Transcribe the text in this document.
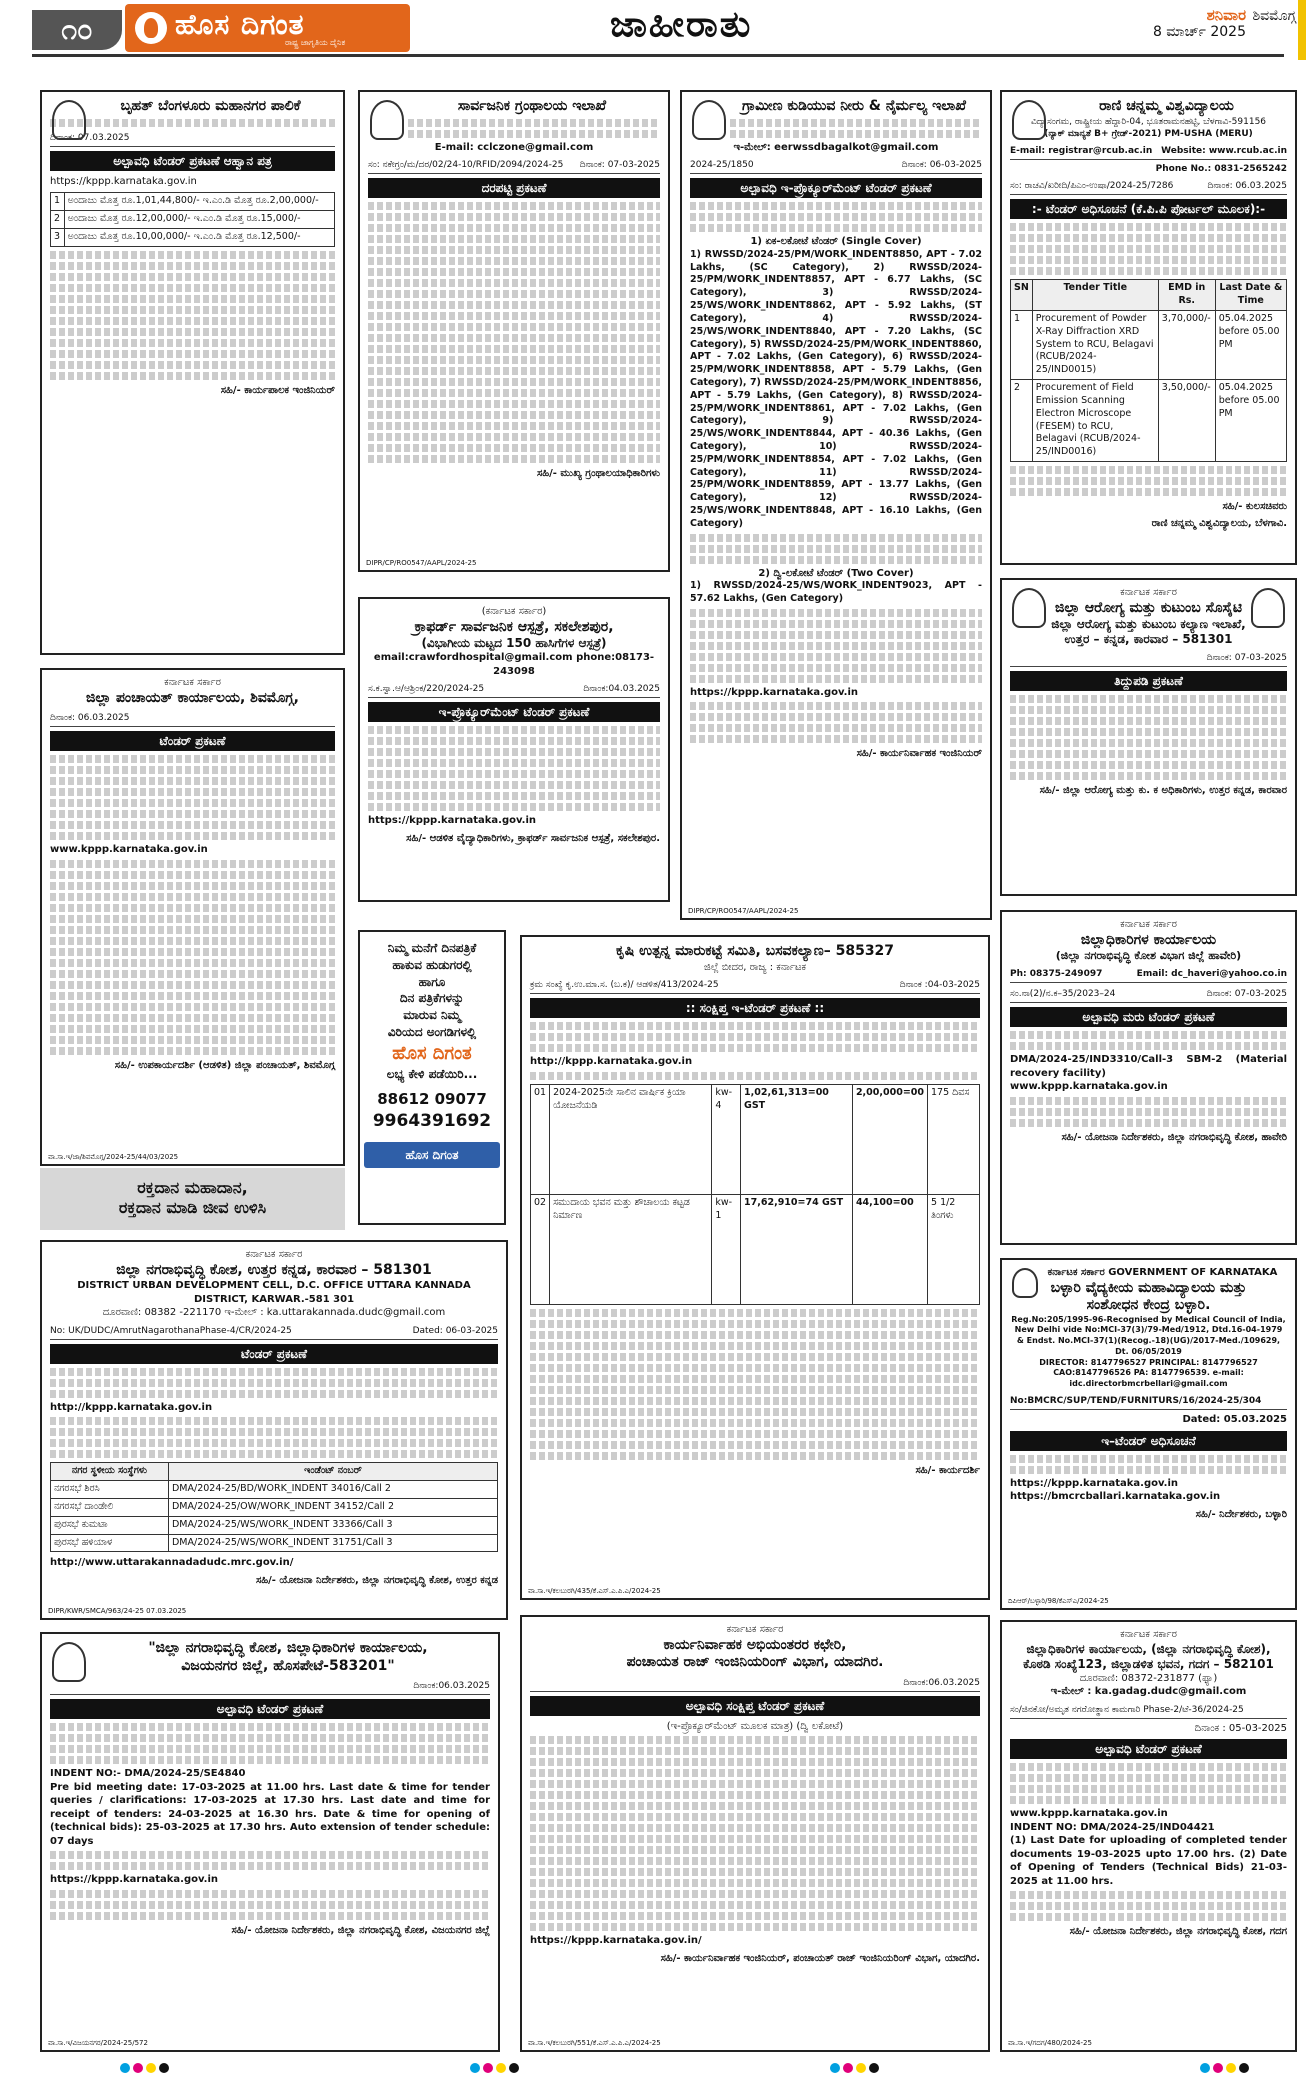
೧೦	ಹೊಸ ದಿಗಂತ
ರಾಷ್ಟ್ರ ಜಾಗೃತಿಯ ದೈನಿಕ	ಜಾಹೀರಾತು	ಶನಿವಾರ
8 ಮಾರ್ಚ್ 2025
ಶಿವಮೊಗ್ಗ
ಬೃಹತ್ ಬೆಂಗಳೂರು ಮಹಾನಗರ ಪಾಲಿಕೆ
ದಿನಾಂಕ: 07.03.2025
ಅಲ್ಪಾವಧಿ ಟೆಂಡರ್ ಪ್ರಕಟಣೆ ಆಹ್ವಾನ ಪತ್ರ
https://kppp.karnataka.gov.in
1	ಅಂದಾಜು ಮೊತ್ತ ರೂ.1,01,44,800/- ಇ.ಎಂ.ಡಿ ಮೊತ್ತ ರೂ.2,00,000/-
2	ಅಂದಾಜು ಮೊತ್ತ ರೂ.12,00,000/- ಇ.ಎಂ.ಡಿ ಮೊತ್ತ ರೂ.15,000/-
3	ಅಂದಾಜು ಮೊತ್ತ ರೂ.10,00,000/- ಇ.ಎಂ.ಡಿ ಮೊತ್ತ ರೂ.12,500/-
ಸಹಿ/- ಕಾರ್ಯಪಾಲಕ ಇಂಜಿನಿಯರ್
ಕರ್ನಾಟಕ ಸರ್ಕಾರ
ಜಿಲ್ಲಾ ಪಂಚಾಯತ್ ಕಾರ್ಯಾಲಯ, ಶಿವಮೊಗ್ಗ,
ದಿನಾಂಕ: 06.03.2025
ಟೆಂಡರ್ ಪ್ರಕಟಣೆ
www.kppp.karnataka.gov.in
ಸಹಿ/- ಉಪಕಾರ್ಯದರ್ಶಿ (ಆಡಳಿತ) ಜಿಲ್ಲಾ ಪಂಚಾಯತ್, ಶಿವಮೊಗ್ಗ
ವಾ.ಸಾ.ಇ/ಜಾ/ಶಿವಮೊಗ್ಗ/2024-25/44/03/2025
ರಕ್ತದಾನ ಮಹಾದಾನ,
ರಕ್ತದಾನ ಮಾಡಿ ಜೀವ ಉಳಿಸಿ
ಕರ್ನಾಟಕ ಸರ್ಕಾರ
ಜಿಲ್ಲಾ ನಗರಾಭಿವೃದ್ಧಿ ಕೋಶ, ಉತ್ತರ ಕನ್ನಡ, ಕಾರವಾರ – 581301
DISTRICT URBAN DEVELOPMENT CELL, D.C. OFFICE UTTARA KANNADA DISTRICT, KARWAR.-581 301
ದೂರವಾಣಿ: 08382 -221170 ಇ-ಮೇಲ್ : ka.uttarakannada.dudc@gmail.com
No: UK/DUDC/AmrutNagarothanaPhase-4/CR/2024-25	Dated: 06-03-2025
ಟೆಂಡರ್ ಪ್ರಕಟಣೆ
http://kppp.karnataka.gov.in
ನಗರ ಸ್ಥಳೀಯ ಸಂಸ್ಥೆಗಳು	ಇಂಡೆಂಟ್ ನಂಬರ್
ನಗರಸಭೆ ಶಿರಸಿ	DMA/2024-25/BD/WORK_INDENT 34016/Call 2
ನಗರಸಭೆ ದಾಂಡೇಲಿ	DMA/2024-25/OW/WORK_INDENT 34152/Call 2
ಪುರಸಭೆ ಕುಮಟಾ	DMA/2024-25/WS/WORK_INDENT 33366/Call 3
ಪುರಸಭೆ ಹಳಿಯಾಳ	DMA/2024-25/WS/WORK_INDENT 31751/Call 3
http://www.uttarakannadadudc.mrc.gov.in/
ಸಹಿ/- ಯೋಜನಾ ನಿರ್ದೇಶಕರು, ಜಿಲ್ಲಾ ನಗರಾಭಿವೃದ್ಧಿ ಕೋಶ, ಉತ್ತರ ಕನ್ನಡ
DIPR/KWR/SMCA/963/24-25 07.03.2025
"ಜಿಲ್ಲಾ ನಗರಾಭಿವೃದ್ಧಿ ಕೋಶ, ಜಿಲ್ಲಾಧಿಕಾರಿಗಳ ಕಾರ್ಯಾಲಯ,
ವಿಜಯನಗರ ಜಿಲ್ಲೆ, ಹೊಸಪೇಟೆ-583201"
ದಿನಾಂಕ:06.03.2025
ಅಲ್ಪಾವಧಿ ಟೆಂಡರ್ ಪ್ರಕಟಣೆ
INDENT NO:- DMA/2024-25/SE4840
Pre bid meeting date: 17-03-2025 at 11.00 hrs. Last date & time for tender queries / clarifications: 17-03-2025 at 17.30 hrs. Last date and time for receipt of tenders: 24-03-2025 at 16.30 hrs. Date & time for opening of (technical bids): 25-03-2025 at 17.30 hrs. Auto extension of tender schedule: 07 days
https://kppp.karnataka.gov.in
ಸಹಿ/- ಯೋಜನಾ ನಿರ್ದೇಶಕರು, ಜಿಲ್ಲಾ ನಗರಾಭಿವೃದ್ಧಿ ಕೋಶ, ವಿಜಯನಗರ ಜಿಲ್ಲೆ
ವಾ.ಸಾ.ಇ/ವಿಜಯನಗರ/2024-25/572
ಸಾರ್ವಜನಿಕ ಗ್ರಂಥಾಲಯ ಇಲಾಖೆ
E-mail: cclczone@gmail.com
ಸಂ: ನಕೇಗ್ರಂ/ಮ/ದರ/02/24-10/RFID/2094/2024-25 ದಿನಾಂಕ: 07-03-2025
ದರಪಟ್ಟಿ ಪ್ರಕಟಣೆ
ಸಹಿ/- ಮುಖ್ಯ ಗ್ರಂಥಾಲಯಾಧಿಕಾರಿಗಳು
DIPR/CP/RO0547/AAPL/2024-25
(ಕರ್ನಾಟಕ ಸರ್ಕಾರ)
ಕ್ರಾಫರ್ಡ್ ಸಾರ್ವಜನಿಕ ಆಸ್ಪತ್ರೆ, ಸಕಲೇಶಪುರ,
(ವಿಭಾಗೀಯ ಮಟ್ಟದ 150 ಹಾಸಿಗೆಗಳ ಆಸ್ಪತ್ರೆ)
email:crawfordhospital@gmail.com phone:08173-243098
ಸ.ಕ.ಸ್ವಾ.ಆ/ಆಶ್ರಿಂಕ/220/2024-25	ದಿನಾಂಕ:04.03.2025
ಇ-ಪ್ರೊಕ್ಯೂರ್‌ಮೆಂಟ್ ಟೆಂಡರ್ ಪ್ರಕಟಣೆ
https://kppp.karnataka.gov.in
ಸಹಿ/- ಆಡಳಿತ ವೈದ್ಯಾಧಿಕಾರಿಗಳು, ಕ್ರಾಫರ್ಡ್ ಸಾರ್ವಜನಿಕ ಆಸ್ಪತ್ರೆ, ಸಕಲೇಶಪುರ.
ನಿಮ್ಮ ಮನೆಗೆ ದಿನಪತ್ರಿಕೆ
ಹಾಕುವ ಹುಡುಗರಲ್ಲಿ
ಹಾಗೂ
ದಿನ ಪತ್ರಿಕೆಗಳನ್ನು
ಮಾರುವ ನಿಮ್ಮ
ವಿರಿಯದ ಅಂಗಡಿಗಳಲ್ಲಿ
ಹೊಸ ದಿಗಂತ
ಲಭ್ಯ ಕೇಳಿ ಪಡೆಯಿರಿ...
88612 09077
9964391692
ಹೊಸ ದಿಗಂತ
ಕೃಷಿ ಉತ್ಪನ್ನ ಮಾರುಕಟ್ಟೆ ಸಮಿತಿ, ಬಸವಕಲ್ಯಾಣ– 585327
ಜಿಲ್ಲೆ ಬೀದರ, ರಾಜ್ಯ : ಕರ್ನಾಟಕ
ಕ್ರಮ ಸಂಖ್ಯೆ ಕೃ.ಉ.ಮಾ.ಸ. (ಬ.ಕ)/ ಆಡಳಿತ/413/2024-25	ದಿನಾಂಕ :04-03-2025
:: ಸಂಕ್ಷಿಪ್ತ ಇ-ಟೆಂಡರ್ ಪ್ರಕಟಣೆ ::
http://kppp.karnataka.gov.in
01	2024-2025ನೇ ಸಾಲಿನ ವಾರ್ಷಿಕ ಕ್ರಿಯಾ ಯೋಜನೆಯಡಿ	kw-4	1,02,61,313=00 GST	2,00,000=00	175 ದಿವಸ
02	ಸಮುದಾಯ ಭವನ ಮತ್ತು ಶೌಚಾಲಯ ಕಟ್ಟಡ ನಿರ್ಮಾಣ	kw-1	17,62,910=74 GST	44,100=00	5 1/2 ತಿಂಗಳು
ಸಹಿ/- ಕಾರ್ಯದರ್ಶಿ
ವಾ.ಸಾ.ಇ/ಕಲಬುರಗಿ/435/ಕೆ.ಎಸ್.ಎ.ಪಿ.ಎ/2024-25
ಕರ್ನಾಟಕ ಸರ್ಕಾರ
ಕಾರ್ಯನಿರ್ವಾಹಕ ಅಭಿಯಂತರರ ಕಛೇರಿ,
ಪಂಚಾಯತ ರಾಜ್ ಇಂಜಿನಿಯರಿಂಗ್ ವಿಭಾಗ, ಯಾದಗಿರ.
ದಿನಾಂಕ:06.03.2025
ಅಲ್ಪಾವಧಿ ಸಂಕ್ಷಿಪ್ತ ಟೆಂಡರ್ ಪ್ರಕಟಣೆ
(ಇ-ಪ್ರೊಕ್ಯೂರ್‌ಮೆಂಟ್ ಮೂಲಕ ಮಾತ್ರ) (ದ್ವಿ ಲಕೋಟೆ)
https://kppp.karnataka.gov.in/
ಸಹಿ/- ಕಾರ್ಯನಿರ್ವಾಹಕ ಇಂಜಿನಿಯರ್, ಪಂಚಾಯತ್ ರಾಜ್ ಇಂಜಿನಿಯರಿಂಗ್ ವಿಭಾಗ, ಯಾದಗಿರ.
ವಾ.ಸಾ.ಇ/ಕಲಬುರಗಿ/551/ಕೆ.ಎಸ್.ಎ.ಪಿ.ಎ/2024-25
ಗ್ರಾಮೀಣ ಕುಡಿಯುವ ನೀರು & ನೈರ್ಮಲ್ಯ ಇಲಾಖೆ
ಇ-ಮೇಲ್: eerwssdbagalkot@gmail.com
2024-25/1850	ದಿನಾಂಕ: 06-03-2025
ಅಲ್ಪಾವಧಿ ಇ-ಪ್ರೊಕ್ಯೂರ್‌ಮೆಂಟ್ ಟೆಂಡರ್ ಪ್ರಕಟಣೆ
1) ಏಕ-ಲಕೋಟೆ ಟೆಂಡರ್ (Single Cover)
1) RWSSD/2024-25/PM/WORK_INDENT8850, APT - 7.02 Lakhs, (SC Category), 2) RWSSD/2024-25/PM/WORK_INDENT8857, APT - 6.77 Lakhs, (SC Category), 3) RWSSD/2024-25/WS/WORK_INDENT8862, APT - 5.92 Lakhs, (ST Category), 4) RWSSD/2024-25/WS/WORK_INDENT8840, APT - 7.20 Lakhs, (SC Category), 5) RWSSD/2024-25/PM/WORK_INDENT8860, APT - 7.02 Lakhs, (Gen Category), 6) RWSSD/2024-25/PM/WORK_INDENT8858, APT - 5.79 Lakhs, (Gen Category), 7) RWSSD/2024-25/PM/WORK_INDENT8856, APT - 5.79 Lakhs, (Gen Category), 8) RWSSD/2024-25/PM/WORK_INDENT8861, APT - 7.02 Lakhs, (Gen Category), 9) RWSSD/2024-25/WS/WORK_INDENT8844, APT - 40.36 Lakhs, (Gen Category), 10) RWSSD/2024-25/PM/WORK_INDENT8854, APT - 7.02 Lakhs, (Gen Category), 11) RWSSD/2024-25/PM/WORK_INDENT8859, APT - 13.77 Lakhs, (Gen Category), 12) RWSSD/2024-25/WS/WORK_INDENT8848, APT - 16.10 Lakhs, (Gen Category)
2) ದ್ವಿ-ಲಕೋಟೆ ಟೆಂಡರ್ (Two Cover)
1) RWSSD/2024-25/WS/WORK_INDENT9023, APT - 57.62 Lakhs, (Gen Category)
https://kppp.karnataka.gov.in
ಸಹಿ/- ಕಾರ್ಯನಿರ್ವಾಹಕ ಇಂಜಿನಿಯರ್
DIPR/CP/RO0547/AAPL/2024-25
ರಾಣಿ ಚನ್ನಮ್ಮ ವಿಶ್ವವಿದ್ಯಾಲಯ
ವಿದ್ಯಾಸಂಗಮ, ರಾಷ್ಟ್ರೀಯ ಹೆದ್ದಾರಿ-04, ಭೂತರಾಮನಹಟ್ಟಿ, ಬೆಳಗಾವಿ-591156
(ನ್ಯಾಕ್ ಮಾನ್ಯತೆ B+ ಗ್ರೇಡ್-2021) PM-USHA (MERU)
E-mail: registrar@rcub.ac.in Website: www.rcub.ac.in
Phone No.: 0831-2565242
ಸಂ: ರಾಚವಿ/ಖರೀದಿ/ಪಿಎಂ-ಉಷಾ/2024-25/7286	ದಿನಾಂಕ: 06.03.2025
:- ಟೆಂಡರ್ ಅಧಿಸೂಚನೆ (ಕೆ.ಪಿ.ಪಿ ಪೋರ್ಟಲ್ ಮೂಲಕ):-
SN	Tender Title	EMD in Rs.	Last Date & Time
1	Procurement of Powder X-Ray Diffraction XRD System to RCU, Belagavi (RCUB/2024-25/IND0015)	3,70,000/-	05.04.2025 before 05.00 PM
2	Procurement of Field Emission Scanning Electron Microscope (FESEM) to RCU, Belagavi (RCUB/2024-25/IND0016)	3,50,000/-	05.04.2025 before 05.00 PM
ಸಹಿ/- ಕುಲಸಚಿವರು
ರಾಣಿ ಚನ್ನಮ್ಮ ವಿಶ್ವವಿದ್ಯಾಲಯ, ಬೆಳಗಾವಿ.
ಕರ್ನಾಟಕ ಸರ್ಕಾರ
ಜಿಲ್ಲಾ ಆರೋಗ್ಯ ಮತ್ತು ಕುಟುಂಬ ಸೊಸೈಟಿ
ಜಿಲ್ಲಾ ಆರೋಗ್ಯ ಮತ್ತು ಕುಟುಂಬ ಕಲ್ಯಾಣ ಇಲಾಖೆ,
ಉತ್ತರ – ಕನ್ನಡ, ಕಾರವಾರ – 581301
ದಿನಾಂಕ: 07-03-2025
ತಿದ್ದುಪಡಿ ಪ್ರಕಟಣೆ
ಸಹಿ/- ಜಿಲ್ಲಾ ಆರೋಗ್ಯ ಮತ್ತು ಕು. ಕ ಅಧಿಕಾರಿಗಳು, ಉತ್ತರ ಕನ್ನಡ, ಕಾರವಾರ
ಕರ್ನಾಟಕ ಸರ್ಕಾರ
ಜಿಲ್ಲಾಧಿಕಾರಿಗಳ ಕಾರ್ಯಾಲಯ
(ಜಿಲ್ಲಾ ನಗರಾಭಿವೃದ್ಧಿ ಕೋಶ ವಿಭಾಗ ಜಿಲ್ಲೆ ಹಾವೇರಿ)
Ph: 08375-249097	Email: dc_haveri@yahoo.co.in
ಸಂ.ನಾ(2)/ನ.ಕ–35/2023–24	ದಿನಾಂಕ: 07-03-2025
ಅಲ್ಪಾವಧಿ ಮರು ಟೆಂಡರ್ ಪ್ರಕಟಣೆ
DMA/2024-25/IND3310/Call-3 SBM-2 (Material recovery facility)
www.kppp.karnataka.gov.in
ಸಹಿ/- ಯೋಜನಾ ನಿರ್ದೇಶಕರು, ಜಿಲ್ಲಾ ನಗರಾಭಿವೃದ್ಧಿ ಕೋಶ, ಹಾವೇರಿ
ಕರ್ನಾಟಕ ಸರ್ಕಾರ GOVERNMENT OF KARNATAKA
ಬಳ್ಳಾರಿ ವೈದ್ಯಕೀಯ ಮಹಾವಿದ್ಯಾಲಯ ಮತ್ತು
ಸಂಶೋಧನ ಕೇಂದ್ರ ಬಳ್ಳಾರಿ.
Reg.No:205/1995-96-Recognised by Medical Council of India, New Delhi vide No:MCI-37(3)/79-Med/1912, Dtd.16-04-1979 & Endst. No.MCI-37(1)(Recog.-18)(UG)/2017-Med./109629, Dt. 06/05/2019
DIRECTOR: 8147796527 PRINCIPAL: 8147796527
CAO:8147796526 PA: 8147796539. e-mail:
idc.directorbmcrbellari@gmail.com
No:BMCRC/SUP/TEND/FURNITURS/16/2024-25/304
Dated: 05.03.2025
ಇ–ಟೆಂಡರ್ ಅಧಿಸೂಚನೆ
https://kppp.karnataka.gov.in
https://bmcrcballari.karnataka.gov.in
ಸಹಿ/- ನಿರ್ದೇಶಕರು, ಬಳ್ಳಾರಿ
ದಿಪಿಆರ್/ಬಳ್ಳಾರಿ/98/ಕೆಎಸ್‌ಎ/2024-25
ಕರ್ನಾಟಕ ಸರ್ಕಾರ
ಜಿಲ್ಲಾಧಿಕಾರಿಗಳ ಕಾರ್ಯಾಲಯ, (ಜಿಲ್ಲಾ ನಗರಾಭಿವೃದ್ಧಿ ಕೋಶ),
ಕೊಠಡಿ ಸಂಖ್ಯೆ123, ಜಿಲ್ಲಾಡಳಿತ ಭವನ, ಗದಗ – 582101
ದೂರವಾಣಿ: 08372-231877 (ಫ್ಯಾ)
ಇ-ಮೇಲ್ : ka.gadag.dudc@gmail.com
ಸಂ/ಜಿನಕೋ/ಅಮೃತ ನಗರೋತ್ಥಾನ ಕಾಮಗಾರಿ Phase-2/ಟೆ-36/2024-25
ದಿನಾಂಕ : 05-03-2025
ಅಲ್ಪಾವಧಿ ಟೆಂಡರ್ ಪ್ರಕಟಣೆ
www.kppp.karnataka.gov.in
INDENT NO: DMA/2024-25/IND04421
(1) Last Date for uploading of completed tender documents 19-03-2025 upto 17.00 hrs. (2) Date of Opening of Tenders (Technical Bids) 21-03-2025 at 11.00 hrs.
ಸಹಿ/- ಯೋಜನಾ ನಿರ್ದೇಶಕರು, ಜಿಲ್ಲಾ ನಗರಾಭಿವೃದ್ಧಿ ಕೋಶ, ಗದಗ
ವಾ.ಸಾ.ಇ/ಗದಗ/480/2024-25
